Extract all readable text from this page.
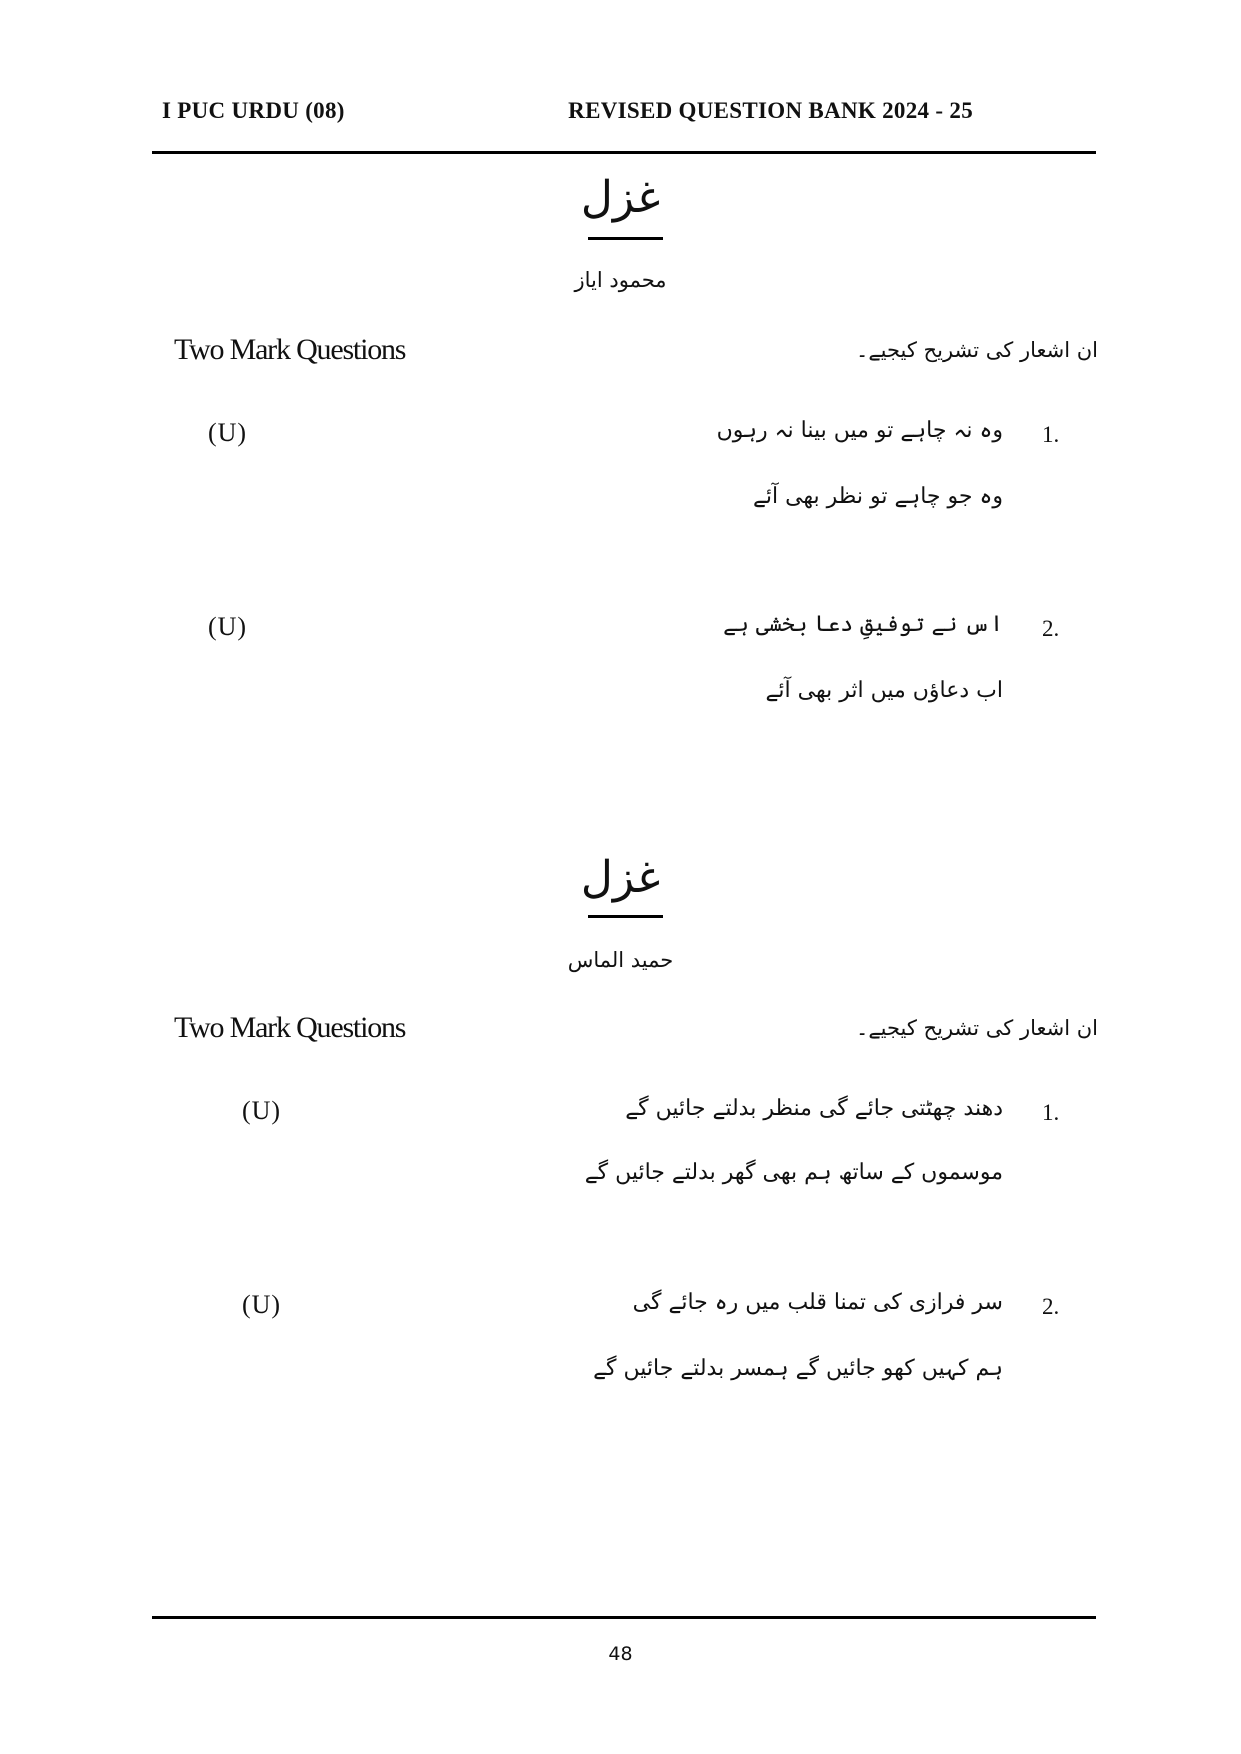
I PUC URDU (08)	REVISED QUESTION BANK 2024 - 25
غزل
محمود ایاز
Two Mark Questions	ان اشعار کی تشریح کیجیے۔
(U)	1.
وہ نہ چاہے تو میں بینا نہ رہوں
وہ جو چاہے تو نظر بھی آئے
(U)	2.
اس نے توفیقِ دعا بخشی ہے
اب دعاؤں میں اثر بھی آئے
غزل
حمید الماس
Two Mark Questions	ان اشعار کی تشریح کیجیے۔
(U)	1.
دھند چھٹتی جائے گی منظر بدلتے جائیں گے
موسموں کے ساتھ ہم بھی گھر بدلتے جائیں گے
(U)	2.
سر فرازی کی تمنا قلب میں رہ جائے گی
ہم کہیں کھو جائیں گے ہمسر بدلتے جائیں گے
48
